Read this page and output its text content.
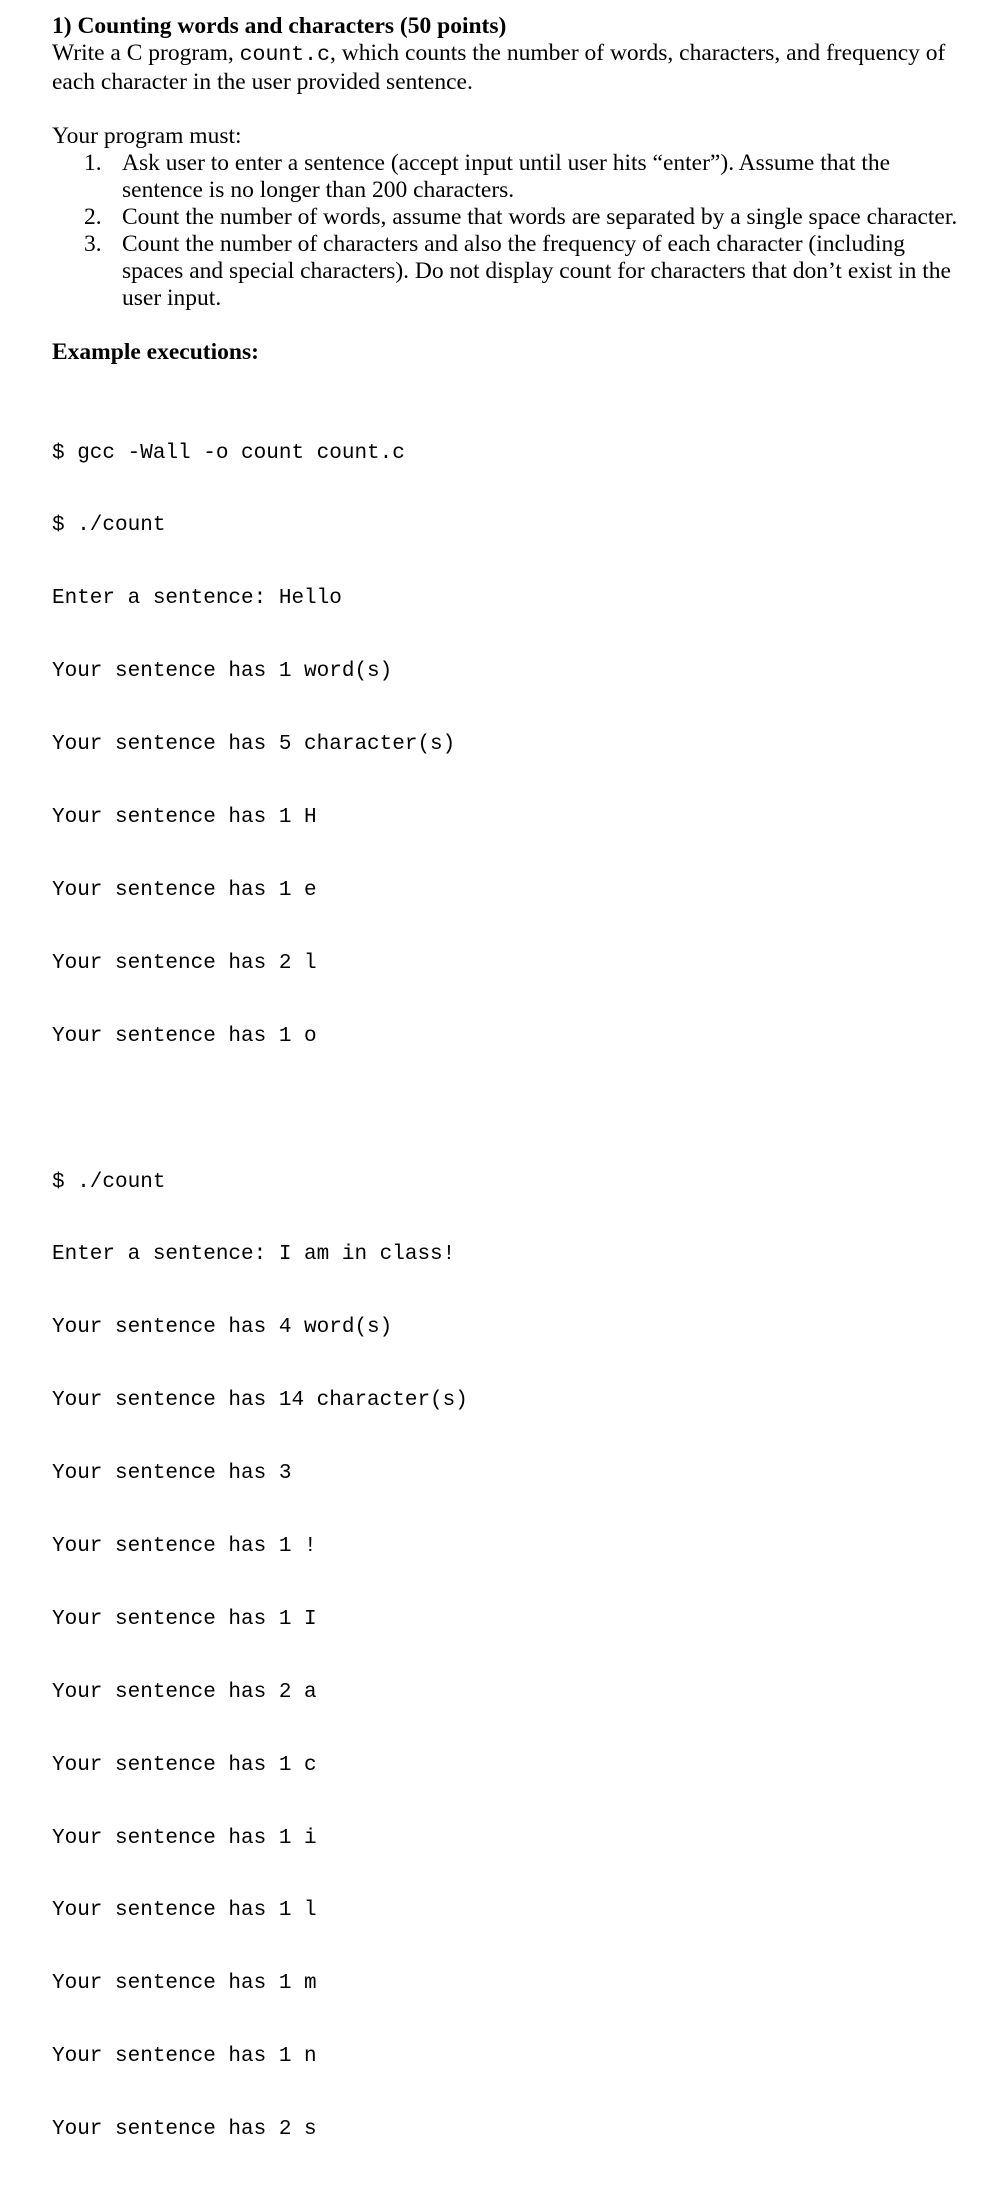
1) Counting words and characters (50 points)

Write a C program, count.c, which counts the number of words, characters, and frequency of each character in the user provided sentence.

Your program must:

1. Ask user to enter a sentence (accept input until user hits “enter”). Assume that the sentence is no longer than 200 characters.
2. Count the number of words, assume that words are separated by a single space character.
3. Count the number of characters and also the frequency of each character (including spaces and special characters). Do not display count for characters that don’t exist in the user input.

Example executions:

$ gcc -Wall -o count count.c

$ ./count

Enter a sentence: Hello

Your sentence has 1 word(s)

Your sentence has 5 character(s)

Your sentence has 1 H

Your sentence has 1 e

Your sentence has 2 l

Your sentence has 1 o

$ ./count

Enter a sentence: I am in class!

Your sentence has 4 word(s)

Your sentence has 14 character(s)

Your sentence has 3

Your sentence has 1 !

Your sentence has 1 I

Your sentence has 2 a

Your sentence has 1 c

Your sentence has 1 i

Your sentence has 1 l

Your sentence has 1 m

Your sentence has 1 n

Your sentence has 2 s
